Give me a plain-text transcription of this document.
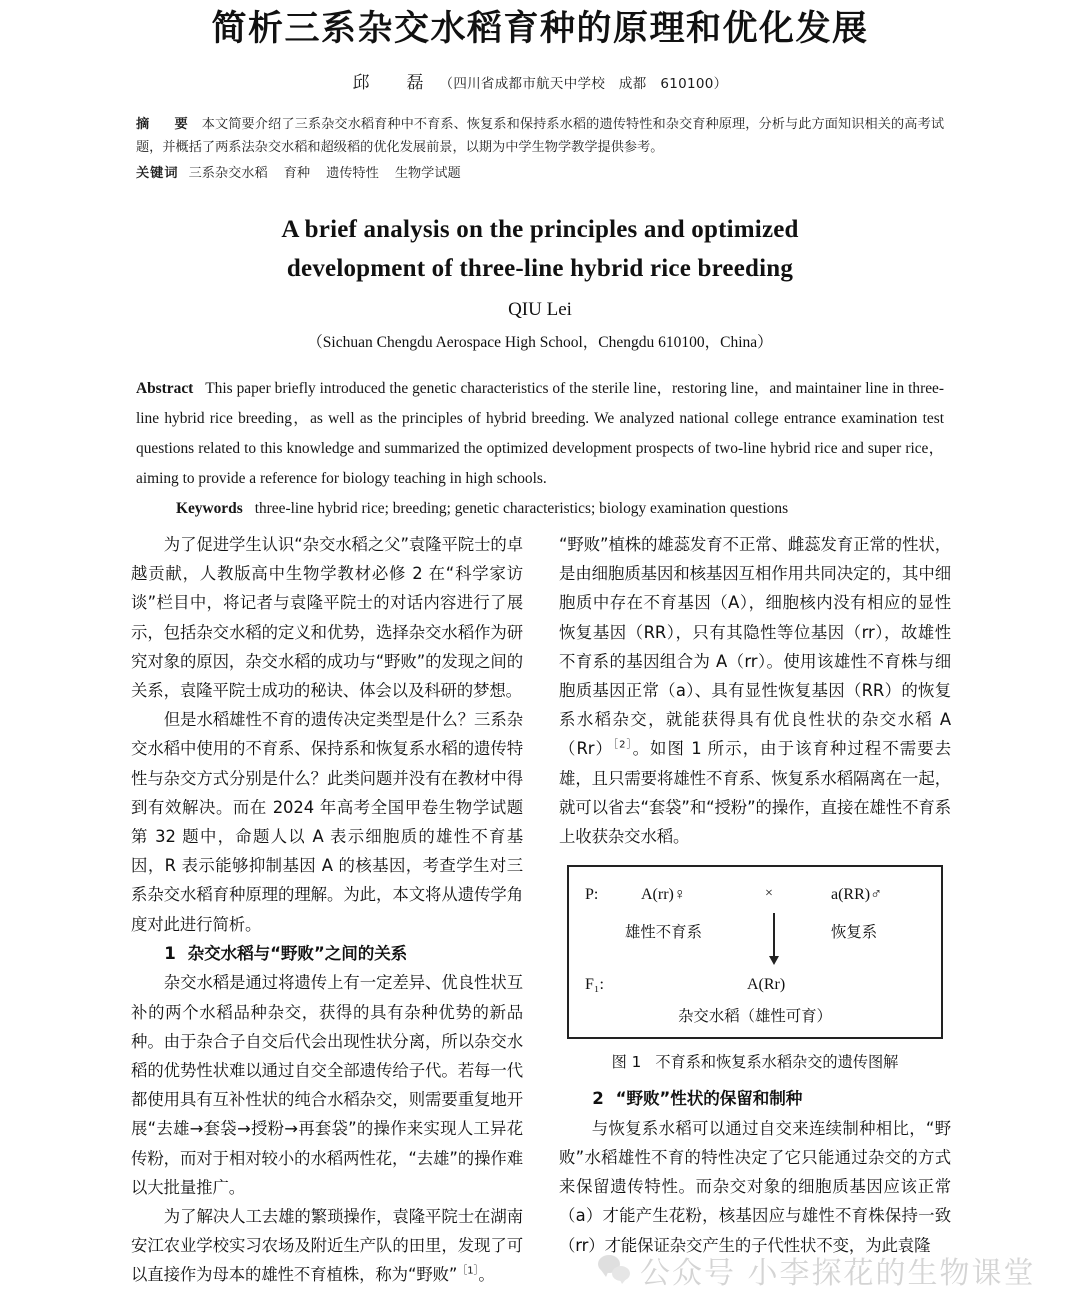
简析三系杂交水稻育种的原理和优化发展
邱　磊 （四川省成都市航天中学校　成都　610100）
摘　要 本文简要介绍了三系杂交水稻育种中不育系、恢复系和保持系水稻的遗传特性和杂交育种原理，分析与此方面知识相关的高考试题，并概括了两系法杂交水稻和超级稻的优化发展前景，以期为中学生物学教学提供参考。
关键词 三系杂交水稻 育种 遗传特性 生物学试题
A brief analysis on the principles and optimized
development of three-line hybrid rice breeding
QIU Lei
（Sichuan Chengdu Aerospace High School，Chengdu 610100，China）

Abstract This paper briefly introduced the genetic characteristics of the sterile line，restoring line，and maintainer line in three-line hybrid rice breeding，as well as the principles of hybrid breeding. We analyzed national college entrance examination test questions related to this knowledge and summarized the optimized development prospects of two-line hybrid rice and super rice，aiming to provide a reference for biology teaching in high schools.

Keywords three-line hybrid rice; breeding; genetic characteristics; biology examination questions

为了促进学生认识“杂交水稻之父”袁隆平院士的卓越贡献，人教版高中生物学教材必修 2 在“科学家访谈”栏目中，将记者与袁隆平院士的对话内容进行了展示，包括杂交水稻的定义和优势，选择杂交水稻作为研究对象的原因，杂交水稻的成功与“野败”的发现之间的关系，袁隆平院士成功的秘诀、体会以及科研的梦想。

但是水稻雄性不育的遗传决定类型是什么？三系杂交水稻中使用的不育系、保持系和恢复系水稻的遗传特性与杂交方式分别是什么？此类问题并没有在教材中得到有效解决。而在 2024 年高考全国甲卷生物学试题第 32 题中，命题人以 A 表示细胞质的雄性不育基因，R 表示能够抑制基因 A 的核基因，考查学生对三系杂交水稻育种原理的理解。为此，本文将从遗传学角度对此进行简析。

1 杂交水稻与“野败”之间的关系

杂交水稻是通过将遗传上有一定差异、优良性状互补的两个水稻品种杂交，获得的具有杂种优势的新品种。由于杂合子自交后代会出现性状分离，所以杂交水稻的优势性状难以通过自交全部遗传给子代。若每一代都使用具有互补性状的纯合水稻杂交，则需要重复地开展“去雄→套袋→授粉→再套袋”的操作来实现人工异花传粉，而对于相对较小的水稻两性花，“去雄”的操作难以大批量推广。

为了解决人工去雄的繁琐操作，袁隆平院士在湖南安江农业学校实习农场及附近生产队的田里，发现了可以直接作为母本的雄性不育植株，称为“野败”$^{[1]}$。

“野败”植株的雄蕊发育不正常、雌蕊发育正常的性状，是由细胞质基因和核基因互相作用共同决定的，其中细胞质中存在不育基因（A），细胞核内没有相应的显性恢复基因（RR），只有其隐性等位基因（rr），故雄性不育系的基因组合为 A（rr）。使用该雄性不育株与细胞质基因正常（a）、具有显性恢复基因（RR）的恢复系水稻杂交，就能获得具有优良性状的杂交水稻 $A(Rr)^{[2]}$。如图 1 所示，由于该育种过程不需要去雄，且只需要将雄性不育系、恢复系水稻隔离在一起，就可以省去“套袋”和“授粉”的操作，直接在雄性不育系上收获杂交水稻。

P:	A(rr)♀	×	a(RR)♂
雄性不育系	恢复系
F₁:	A(Rr)
杂交水稻（雄性可育）
图 1 不育系和恢复系水稻杂交的遗传图解

2 “野败”性状的保留和制种

与恢复系水稻可以通过自交来连续制种相比，“野败”水稻雄性不育的特性决定了它只能通过杂交的方式来保留遗传特性。而杂交对象的细胞质基因应该正常（a）才能产生花粉，核基因应与雄性不育株保持一致（rr）才能保证杂交产生的子代性状不变，为此袁隆

公众号 小李探花的生物课堂
